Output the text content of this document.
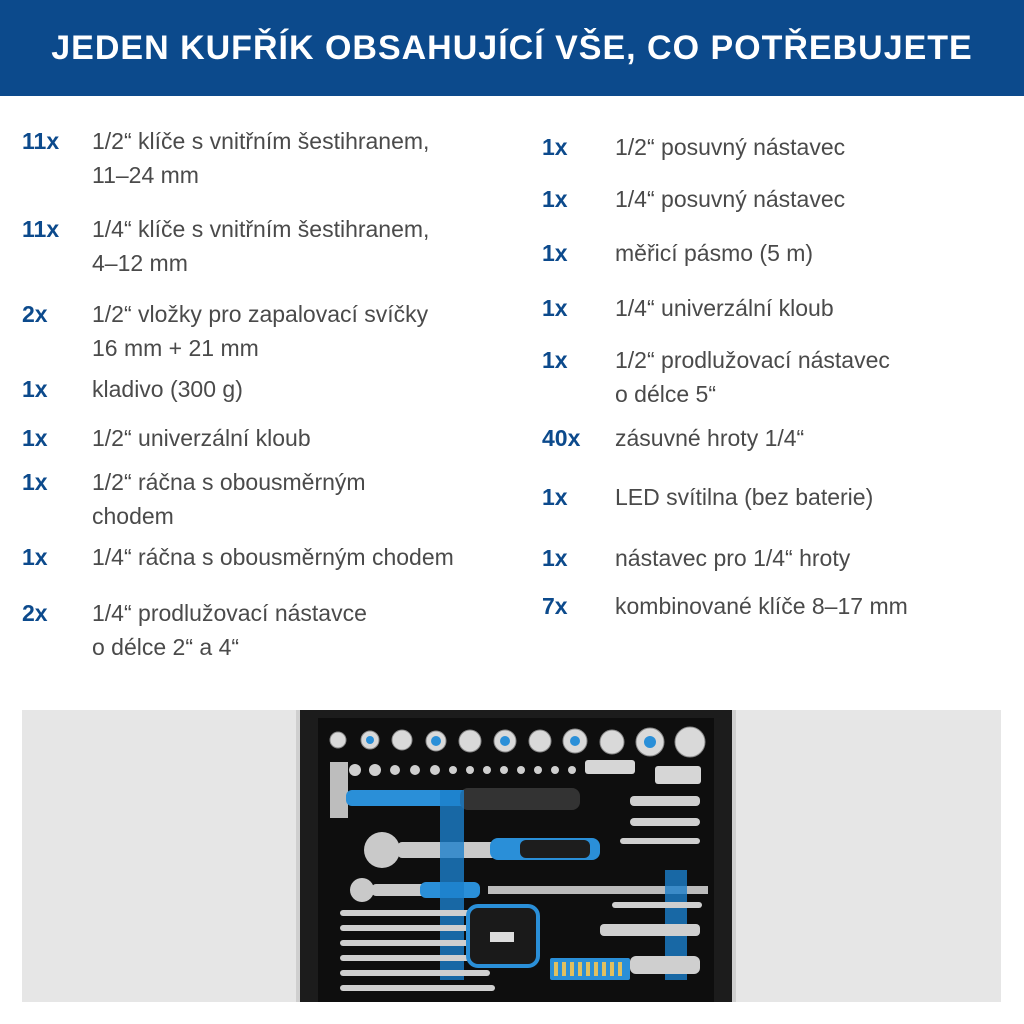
JEDEN KUFŘÍK OBSAHUJÍCÍ VŠE, CO POTŘEBUJETE
11x 1/2“ klíče s vnitřním šestihranem,
11–24 mm
11x 1/4“ klíče s vnitřním šestihranem,
4–12 mm
2x 1/2“ vložky pro zapalovací svíčky
16 mm + 21 mm
1x kladivo (300 g)
1x 1/2“ univerzální kloub
1x 1/2“ ráčna s obousměrným
chodem
1x 1/4“ ráčna s obousměrným chodem
2x 1/4“ prodlužovací nástavce
o délce 2“ a 4“
1x 1/2“ posuvný nástavec
1x 1/4“ posuvný nástavec
1x měřicí pásmo (5 m)
1x 1/4“ univerzální kloub
1x 1/2“ prodlužovací nástavec
o délce 5“
40x zásuvné hroty 1/4“
1x LED svítilna (bez baterie)
1x nástavec pro 1/4“ hroty
7x kombinované klíče 8–17 mm
